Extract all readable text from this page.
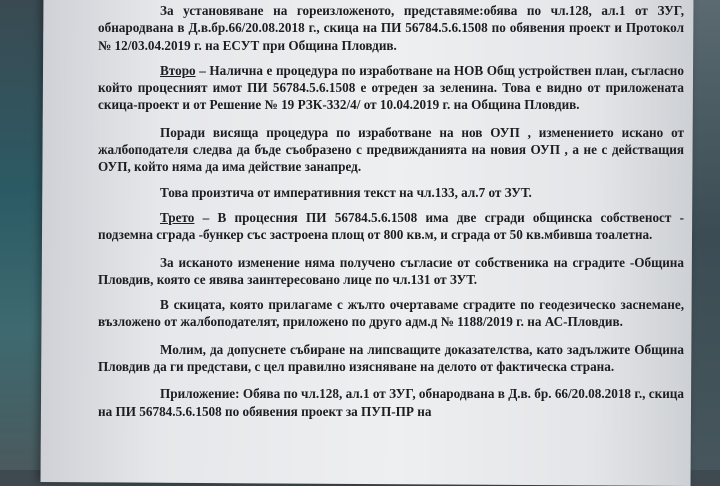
За установяване на гореизложеното, представяме:обява по чл.128, ал.1 от ЗУГ, обнародвана в Д.в.бр.66/20.08.2018 г., скица на ПИ 56784.5.6.1508 по обявения проект и Протокол № 12/03.04.2019 г. на ЕСУТ при Община Пловдив.

Второ – Налична е процедура по изработване на НОВ Общ устройствен план, съгласно който процесният имот ПИ 56784.5.6.1508 е отреден за зеленина. Това е видно от приложената скица-проект и от Решение № 19 РЗК-332/4/ от 10.04.2019 г. на Община Пловдив.

Поради висяща процедура по изработване на нов ОУП , изменението искано от жалбоподателя следва да бъде съобразено с предвижданията на новия ОУП , а не с действащия ОУП, който няма да има действие занапред.

Това произтича от императивния текст на чл.133, ал.7 от ЗУТ.

Трето – В процесния ПИ 56784.5.6.1508 има две сгради общинска собственост - подземна сграда -бункер със застроена площ от 800 кв.м, и сграда от 50 кв.мбивша тоалетна.

За исканото изменение няма получено съгласие от собственика на сградите -Община Пловдив, която се явява заинтересовано лице по чл.131 от ЗУТ.

В скицата, която прилагаме с жълто очертаваме сградите по геодезическо заснемане, възложено от жалбоподателят, приложено по друго адм.д № 1188/2019 г. на АС-Пловдив.

Молим, да допуснете събиране на липсващите доказателства, като задължите Община Пловдив да ги представи, с цел правилно изясняване на делото от фактическа страна.

Приложение: Обява по чл.128, ал.1 от ЗУГ, обнародвана в Д.в. бр. 66/20.08.2018 г., скица на ПИ 56784.5.6.1508 по обявения проект за ПУП-ПР на
